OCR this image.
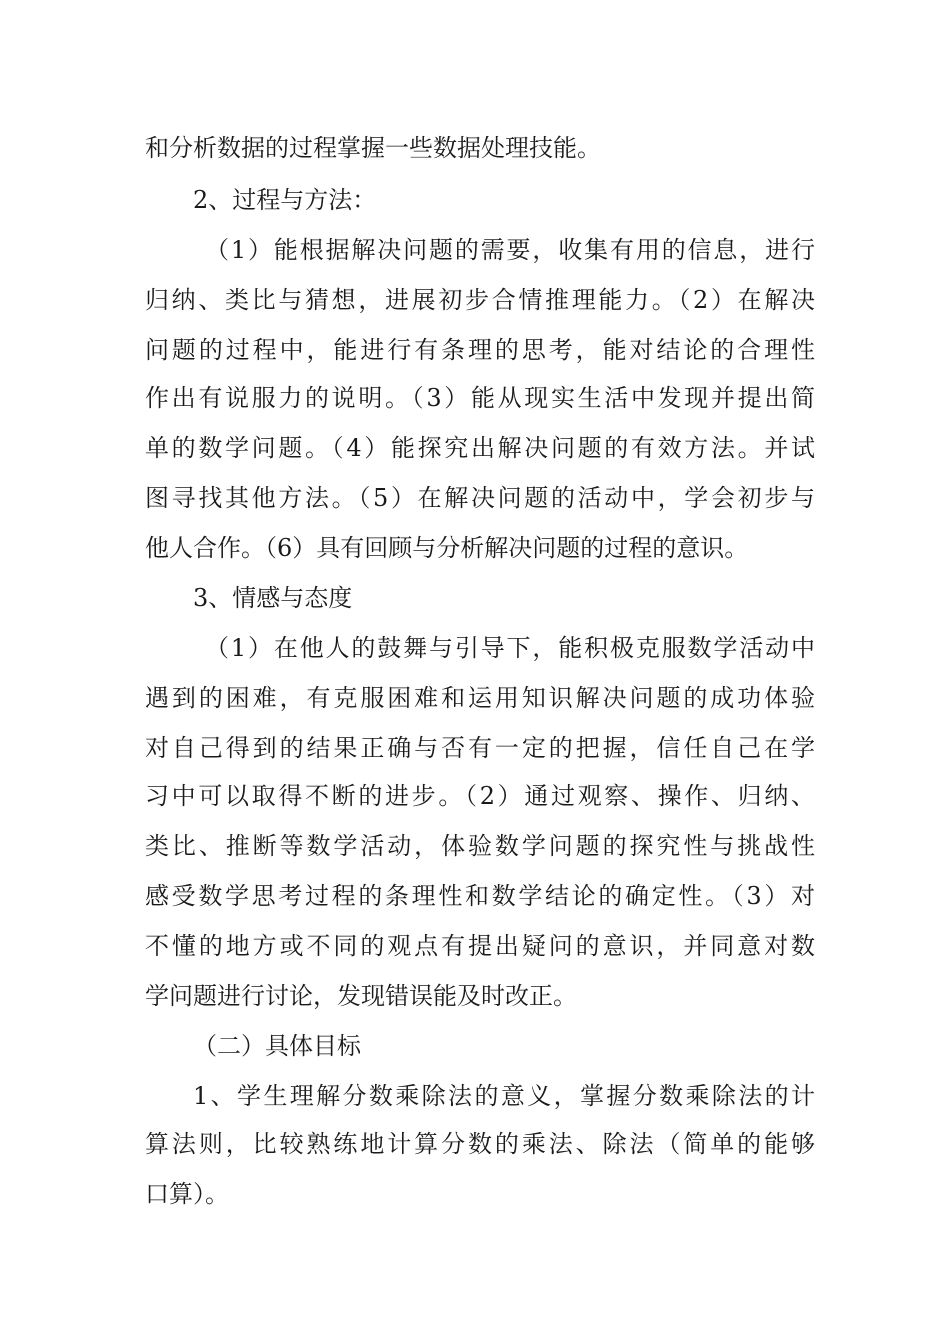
和分析数据的过程掌握一些数据处理技能。
2、过程与方法：
（1）能根据解决问题的需要，收集有用的信息，进行
归纳、类比与猜想，进展初步合情推理能力。（2）在解决
问题的过程中，能进行有条理的思考，能对结论的合理性
作出有说服力的说明。（3）能从现实生活中发现并提出简
单的数学问题。（4）能探究出解决问题的有效方法。并试
图寻找其他方法。（5）在解决问题的活动中，学会初步与
他人合作。（6）具有回顾与分析解决问题的过程的意识。
3、情感与态度
（1）在他人的鼓舞与引导下，能积极克服数学活动中
遇到的困难，有克服困难和运用知识解决问题的成功体验
对自己得到的结果正确与否有一定的把握，信任自己在学
习中可以取得不断的进步。（2）通过观察、操作、归纳、
类比、推断等数学活动，体验数学问题的探究性与挑战性
感受数学思考过程的条理性和数学结论的确定性。（3）对
不懂的地方或不同的观点有提出疑问的意识，并同意对数
学问题进行讨论，发现错误能及时改正。
（二）具体目标
1、学生理解分数乘除法的意义，掌握分数乘除法的计
算法则，比较熟练地计算分数的乘法、除法（简单的能够
口算）。
